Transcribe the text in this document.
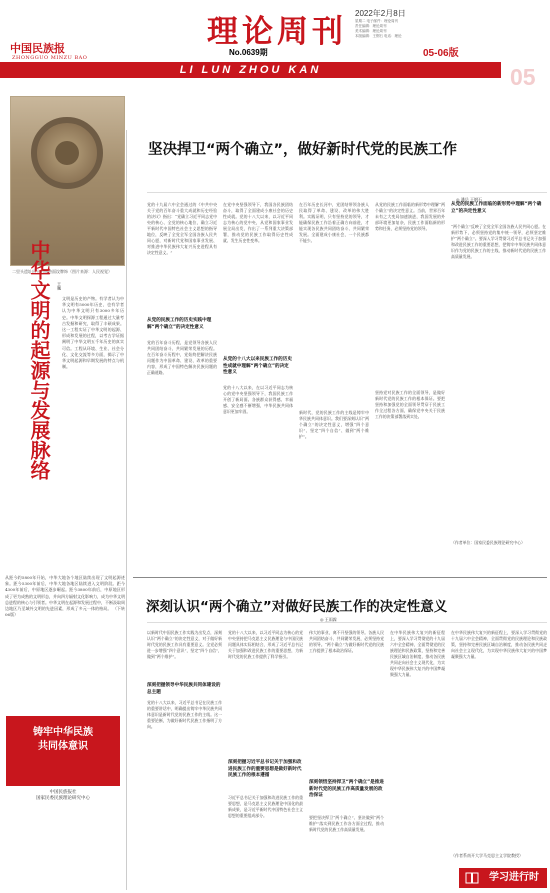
中国民族报
ZHONGGUO MINZU BAO
理论周刊
2022年2月8日
星期二 电子邮件：理论周刊
责任编辑：理论周刊
美术编辑：理论周刊
本版编辑：王钢石 电话：理论
No.0639期	05-06版
LI LUN ZHOU KAN	05
二里头遗址出土的铜兽面纹牌饰（图片来源：人民视觉）
文明是历史的产物。有学者认为中华文明有5000年历史，也有学者认为中华文明只有3000多年历史。中华文明探源工程通过大量考古发掘和研究，取得了丰硕成果。这一工程实证了中华文明的起源、形成和发展的过程，以考古学证据阐明了中华文明五千年历史的真实可信。工程从环境、生业、社会分化、文化交流等多方面，揭示了中华文明起源和早期发展的特点与机制。
中华文明的起源与发展脉络	王巍
从距今约5800年开始，中华大地各个地区陆续出现了文明起源迹象。距今5300年前后，中华大地各地区陆续进入文明阶段。距今4300年前后，中原地区逐步崛起。距今3800年前后，中原地区形成了更为成熟的文明形态，并向四方辐射文化影响力，成为中华文明总进程的核心与引领者。中华文明在起源和发展过程中，不断汲取周边地区乃至域外文明的先进因素，形成了多元一体的格局。 （下转06版）
铸牢中华民族
共同体意识
中国民族报社
国家民委民族理论研究中心
坚决捍卫“两个确立”，做好新时代党的民族工作
◎ 潘岳 王钢石
党的十九届六中全会通过的《中共中央关于党的百年奋斗重大成就和历史经验的决议》指出：“党确立习近平同志党中央的核心、全党的核心地位，确立习近平新时代中国特色社会主义思想的指导地位，反映了全党全军全国各族人民共同心愿，对新时代党和国家事业发展、对推进中华民族伟大复兴历史进程具有决定性意义。”
从党的民族工作的历史实践中理解“两个确立”的决定性意义
党的百年奋斗历程，是党领导各族人民共同团结奋斗、共同繁荣发展的历程。在百年奋斗历程中，党始终把解决民族问题作为中国革命、建设、改革的重要内容，形成了中国特色解决民族问题的正确道路。
在党中央坚强领导下，我国各民族团结奋斗，取得了全面建成小康社会的历史性成就。党的十八大以来，以习近平同志为核心的党中央，从党和国家事业发展全局出发，作出了一系列重大决策部署，推动党的民族工作取得历史性成就、发生历史性变革。
从党的十八大以来民族工作的历史性成就中理解“两个确立”的决定性意义
党的十八大以来，在以习近平同志为核心的党中央坚强领导下，我国民族工作开创了新局面。各族群众获得感、幸福感、安全感不断增强，中华民族共同体意识更加牢固。
在百年历史长河中，党团结带领各族人民取得了革命、建设、改革的伟大胜利。实践证明，只有坚持党的领导，才能确保民族工作沿着正确方向前进，才能实现各民族共同团结奋斗、共同繁荣发展。全面建成小康社会，一个民族都不能少。
新时代，党的民族工作的主线是铸牢中华民族共同体意识。我们要深刻认识“两个确立”的决定性意义，增强“四个意识”、坚定“四个自信”、做到“两个维护”。
从党的民族工作面临的新形势中理解“两个确立”的决定性意义。当前，世界百年未有之大变局加速演进，我国发展的外部环境更加复杂，民族工作面临新的形势和任务，必须坚持党的领导。
坚持党对民族工作的全面领导，是做好新时代党的民族工作的根本保证。要把坚持和加强党的全面领导贯穿于民族工作全过程各方面，确保党中央关于民族工作的决策部署落到实处。
从党的民族工作面临的新形势中理解“两个确立”的决定性意义
“两个确立”反映了全党全军全国各族人民共同心愿。在新形势下，必须坚持党的集中统一领导，必须坚定维护“两个确立”。要深入学习贯彻习近平总书记关于加强和改进民族工作的重要思想，把铸牢中华民族共同体意识作为党的民族工作的主线，推动新时代党的民族工作高质量发展。
（作者单位：国家民委民族理论研究中心）
深刻认识“两个确立”对做好民族工作的决定性意义
◎ 王雨霖
以新时代中国民族工作实践为出发点，深刻认识“两个确立”的决定性意义，对于做好新时代党的民族工作具有重要意义。全党必须进一步增强“四个意识”，坚定“四个自信”，做到“两个维护”。
深刻把握领导中华民族共同体建设的总主题
党的十八大以来，习近平总书记在民族工作的重要讲话中，明确提出铸牢中华民族共同体意识是新时代党的民族工作的主线。这一重要论断，为做好新时代民族工作指明了方向。
党的十八大以来，以习近平同志为核心的党中央坚持把马克思主义民族理论与中国民族问题具体实际相结合，形成了习近平总书记关于加强和改进民族工作的重要思想，为新时代党的民族工作提供了科学指引。
深刻把握习近平总书记关于加强和改进民族工作的重要思想是做好新时代民族工作的根本遵循
习近平总书记关于加强和改进民族工作的重要思想，是马克思主义民族理论中国化的最新成果，是习近平新时代中国特色社会主义思想的重要组成部分。
伟大的事业，离不开坚强的领导。各族人民共同团结奋斗、共同繁荣发展，必须坚持党的领导。“两个确立”为做好新时代党的民族工作提供了根本政治保证。
深刻领悟坚持捍卫“两个确立”是推进新时代党的民族工作高质量发展的政治保证
要把坚决捍卫“两个确立”、坚决做到“两个维护”落实到民族工作各方面全过程，推动新时代党的民族工作高质量发展。
在中华民族伟大复兴的新征程上，要深入学习贯彻党的十九届六中全会精神，全面贯彻党的民族理论和民族政策，坚持和完善民族区域自治制度，推动各民族共同走向社会主义现代化，为实现中华民族伟大复兴的中国梦凝聚强大力量。
在中华民族伟大复兴的新征程上，要深入学习贯彻党的十九届六中全会精神，全面贯彻党的民族理论和民族政策，坚持和完善民族区域自治制度，推动各民族共同走向社会主义现代化，为实现中华民族伟大复兴的中国梦凝聚强大力量。
（作者系南开大学马克思主义学院教授）
学习进行时
